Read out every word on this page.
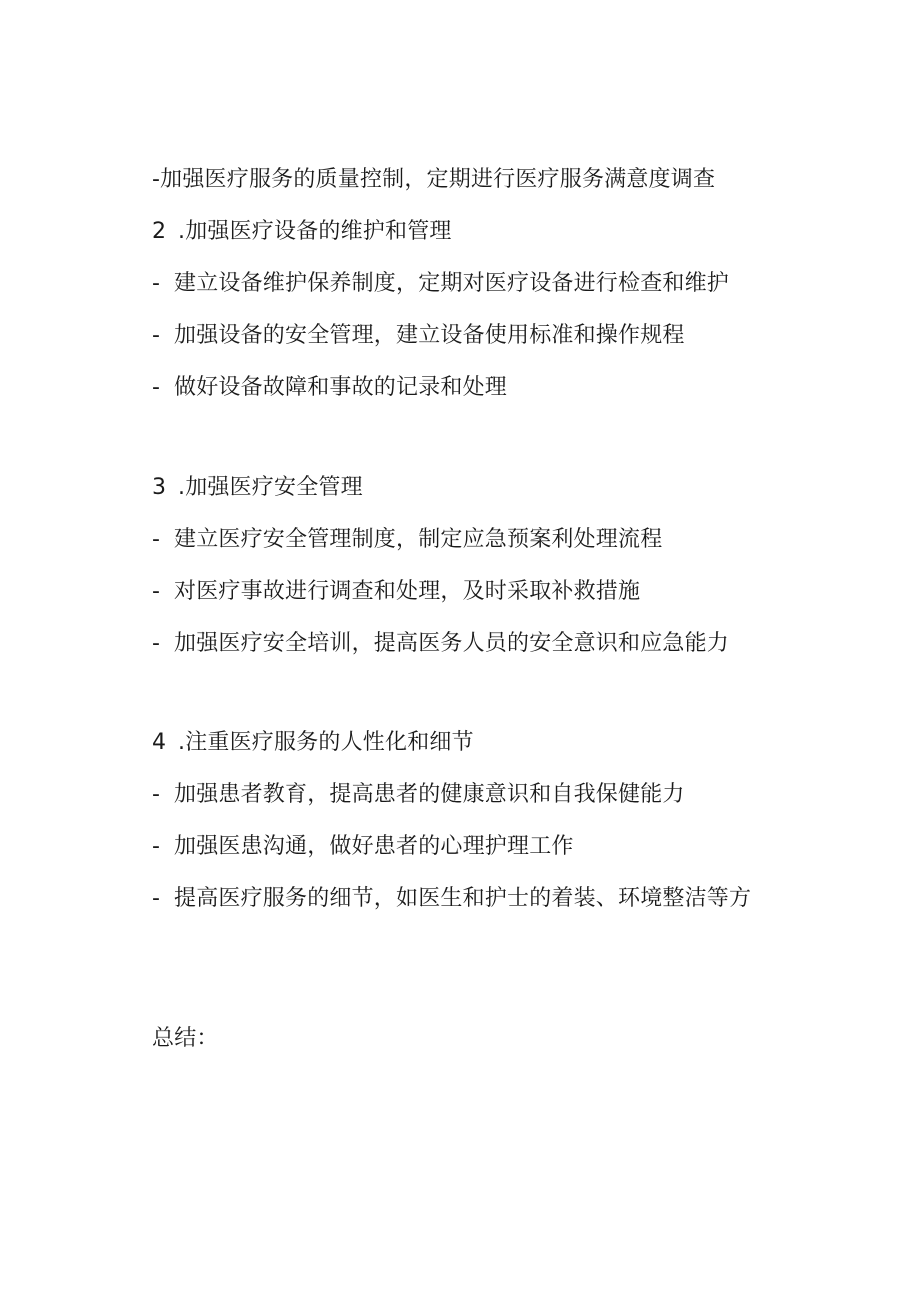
-加强医疗服务的质量控制，定期进行医疗服务满意度调查
2 .加强医疗设备的维护和管理
- 建立设备维护保养制度，定期对医疗设备进行检查和维护
- 加强设备的安全管理，建立设备使用标准和操作规程
- 做好设备故障和事故的记录和处理
3 .加强医疗安全管理
- 建立医疗安全管理制度，制定应急预案利处理流程
- 对医疗事故进行调查和处理，及时采取补救措施
- 加强医疗安全培训，提高医务人员的安全意识和应急能力
4 .注重医疗服务的人性化和细节
- 加强患者教育，提高患者的健康意识和自我保健能力
- 加强医患沟通，做好患者的心理护理工作
- 提高医疗服务的细节，如医生和护士的着装、环境整洁等方
总结：
